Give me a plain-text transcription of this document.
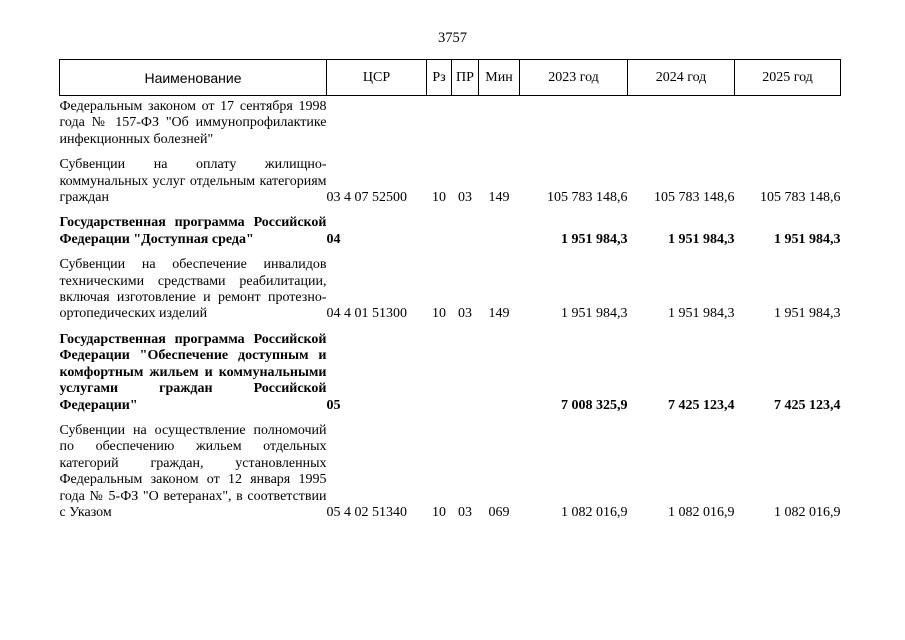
3757
Наименование	ЦСР	Рз	ПР	Мин	2023 год	2024 год	2025 год
Федеральным законом от 17 сентября 1998 года № 157-ФЗ "Об иммунопрофилактике инфекционных болезней"							
Субвенции на оплату жилищно-коммунальных услуг отдельным категориям граждан	03 4 07 52500	10	03	149	105 783 148,6	105 783 148,6	105 783 148,6
Государственная программа Российской Федерации "Доступная среда"	04				1 951 984,3	1 951 984,3	1 951 984,3
Субвенции на обеспечение инвалидов техническими средствами реабилитации, включая изготовление и ремонт протезно-ортопедических изделий	04 4 01 51300	10	03	149	1 951 984,3	1 951 984,3	1 951 984,3
Государственная программа Российской Федерации "Обеспечение доступным и комфортным жильем и коммунальными услугами граждан Российской Федерации"	05				7 008 325,9	7 425 123,4	7 425 123,4
Субвенции на осуществление полномочий по обеспечению жильем отдельных категорий граждан, установленных Федеральным законом от 12 января 1995 года № 5-ФЗ "О ветеранах", в соответствии с Указом	05 4 02 51340	10	03	069	1 082 016,9	1 082 016,9	1 082 016,9
